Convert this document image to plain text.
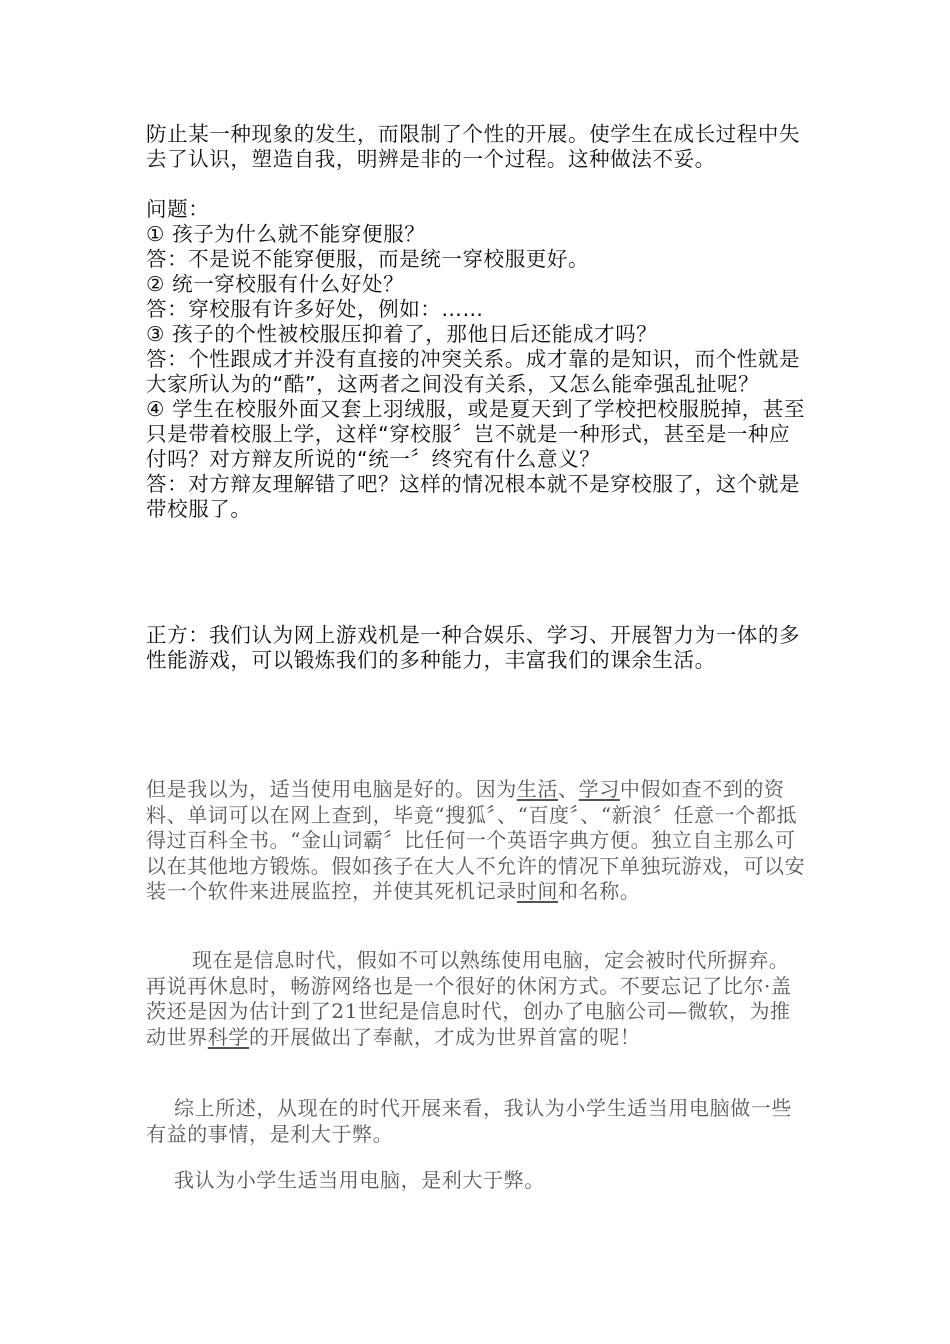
防止某一种现象的发生，而限制了个性的开展。使学生在成长过程中失去了认识，塑造自我，明辨是非的一个过程。这种做法不妥。

问题：

① 孩子为什么就不能穿便服？

答：不是说不能穿便服，而是统一穿校服更好。

② 统一穿校服有什么好处？

答：穿校服有许多好处，例如：……

③ 孩子的个性被校服压抑着了，那他日后还能成才吗？

答：个性跟成才并没有直接的冲突关系。成才靠的是知识，而个性就是大家所认为的“酷”，这两者之间没有关系，又怎么能牵强乱扯呢？

④ 学生在校服外面又套上羽绒服，或是夏天到了学校把校服脱掉，甚至只是带着校服上学，这样“穿校服〞岂不就是一种形式，甚至是一种应付吗？对方辩友所说的“统一〞终究有什么意义？

答：对方辩友理解错了吧？这样的情况根本就不是穿校服了，这个就是带校服了。

正方：我们认为网上游戏机是一种合娱乐、学习、开展智力为一体的多性能游戏，可以锻炼我们的多种能力，丰富我们的课余生活。

但是我以为，适当使用电脑是好的。因为生活、学习中假如查不到的资料、单词可以在网上查到，毕竟“搜狐〞、“百度〞、“新浪〞任意一个都抵得过百科全书。“金山词霸〞比任何一个英语字典方便。独立自主那么可以在其他地方锻炼。假如孩子在大人不允许的情况下单独玩游戏，可以安装一个软件来进展监控，并使其死机记录时间和名称。

现在是信息时代，假如不可以熟练使用电脑，定会被时代所摒弃。再说再休息时，畅游网络也是一个很好的休闲方式。不要忘记了比尔·盖茨还是因为估计到了21世纪是信息时代，创办了电脑公司—微软，为推动世界科学的开展做出了奉献，才成为世界首富的呢！

综上所述，从现在的时代开展来看，我认为小学生适当用电脑做一些有益的事情，是利大于弊。

我认为小学生适当用电脑，是利大于弊。
